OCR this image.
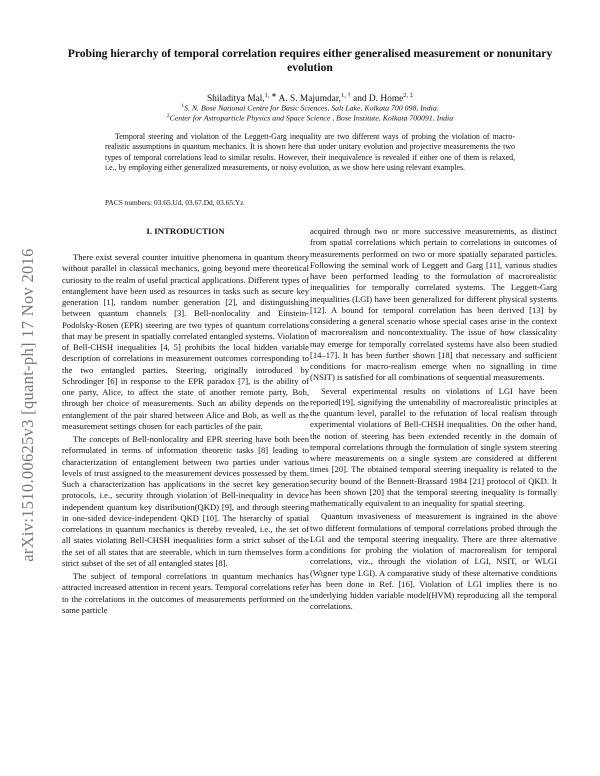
arXiv:1510.00625v3 [quant-ph] 17 Nov 2016
Probing hierarchy of temporal correlation requires either generalised measurement or nonunitary evolution
Shiladitya Mal,$^{1, ∗}$ A. S. Majumdar,$^{1, \dagger}$ and D. Home$^{2, \ddagger}$
$^1$S. N. Bose National Centre for Basic Sciences, Salt Lake, Kolkata 700 098, India.
$^2$Center for Astroparticle Physics and Space Science , Bose Institute, Kolkata 700091, India
Temporal steering and violation of the Leggett-Garg inequality are two different ways of probing the violation of macro-realistic assumptions in quantum mechanics. It is shown here that under unitary evolution and projective measurements the two types of temporal correlations lead to similar results. However, their inequivalence is revealed if either one of them is relaxed, i.e., by employing either generalized measurements, or noisy evolution, as we show here using relevant examples.
PACS numbers: 03.65.Ud, 03.67.Dd, 03.65.Yz
I. INTRODUCTION

There exist several counter intuitive phenomena in quantum theory without parallel in classical mechanics, going beyond mere theoretical curiosity to the realm of useful practical applications. Different types of entanglement have been used as resources in tasks such as secure key generation [1], random number generation [2], and distinguishing between quantum channels [3]. Bell-nonlocality and Einstein-Podolsky-Rosen (EPR) steering are two types of quantum correlations that may be present in spatially correlated entangled systems. Violation of Bell-CHSH inequalities [4, 5] prohibits the local hidden variable description of correlations in measurement outcomes corresponding to the two entangled parties. Steering, originally introduced by Schrodinger [6] in response to the EPR paradox [7], is the ability of one party, Alice, to affect the state of another remote party, Bob, through her choice of measurements. Such an ability depends on the entanglement of the pair shared between Alice and Bob, as well as the measurement settings chosen for each particles of the pair.

The concepts of Bell-nonlocality and EPR steering have both been reformulated in terms of information theoretic tasks [8] leading to characterization of entanglement between two parties under various levels of trust assigned to the measurement devices possessed by them. Such a characterization has applications in the secret key generation protocols, i.e., security through violation of Bell-inequality in device independent quantum key distribution(QKD) [9], and through steering in one-sided device-independent QKD [10]. The hierarchy of spatial correlations in quantum mechanics is thereby revealed, i.e., the set of all states violating Bell-CHSH inequalities form a strict subset of the the set of all states that are steerable, which in turn themselves form a strict subset of the set of all entangled states [8].

The subject of temporal correlations in quantum mechanics has attracted increased attention in recent years. Temporal correlations refer to the correlations in the outcomes of measurements performed on the same particle

acquired through two or more successive measurements, as distinct from spatial correlations which pertain to correlations in outcomes of measurements performed on two or more spatially separated particles. Following the seminal work of Leggett and Garg [11], various studies have been performed leading to the formulation of macrorealistic inequalities for temporally correlated systems. The Leggett-Garg inequalities (LGI) have been generalized for different physical systems [12]. A bound for temporal correlation has been derived [13] by considering a general scenario whose special cases arise in the context of macrorealism and noncontextuality. The issue of how classicality may emerge for temporally correlated systems have also been studied [14–17]. It has been further shown [18] that necessary and sufficient conditions for macro-realism emerge when no signalling in time (NSIT) is satisfied for all combinations of sequential measurements.

Several experimental results on violations of LGI have been reported[19], signifying the untenability of macrorealistic principles at the quantum level, parallel to the refutation of local realism through experimental violations of Bell-CHSH inequalities. On the other hand, the notion of steering has been extended recently in the domain of temporal correlations through the formulation of single system steering where measurements on a single system are considered at different times [20]. The obtained temporal steering inequality is related to the security bound of the Bennett-Brassard 1984 [21] protocol of QKD. It has been shown [20] that the temporal steering inequality is formally mathematically equivalent to an inequality for spatial steering.

Quantum invasiveness of measurement is ingrained in the above two different formulations of temporal correlations probed through the LGI and the temporal steering inequality. There are three alternative conditions for probing the violation of macrorealism for temporal correlations, viz., through the violation of LGI, NSIT, or WLGI (Wigner type LGI). A comparative study of these alternative conditions has been done in Ref. [16]. Violation of LGI implies there is no underlying hidden variable model(HVM) reproducing all the temporal correlations.
